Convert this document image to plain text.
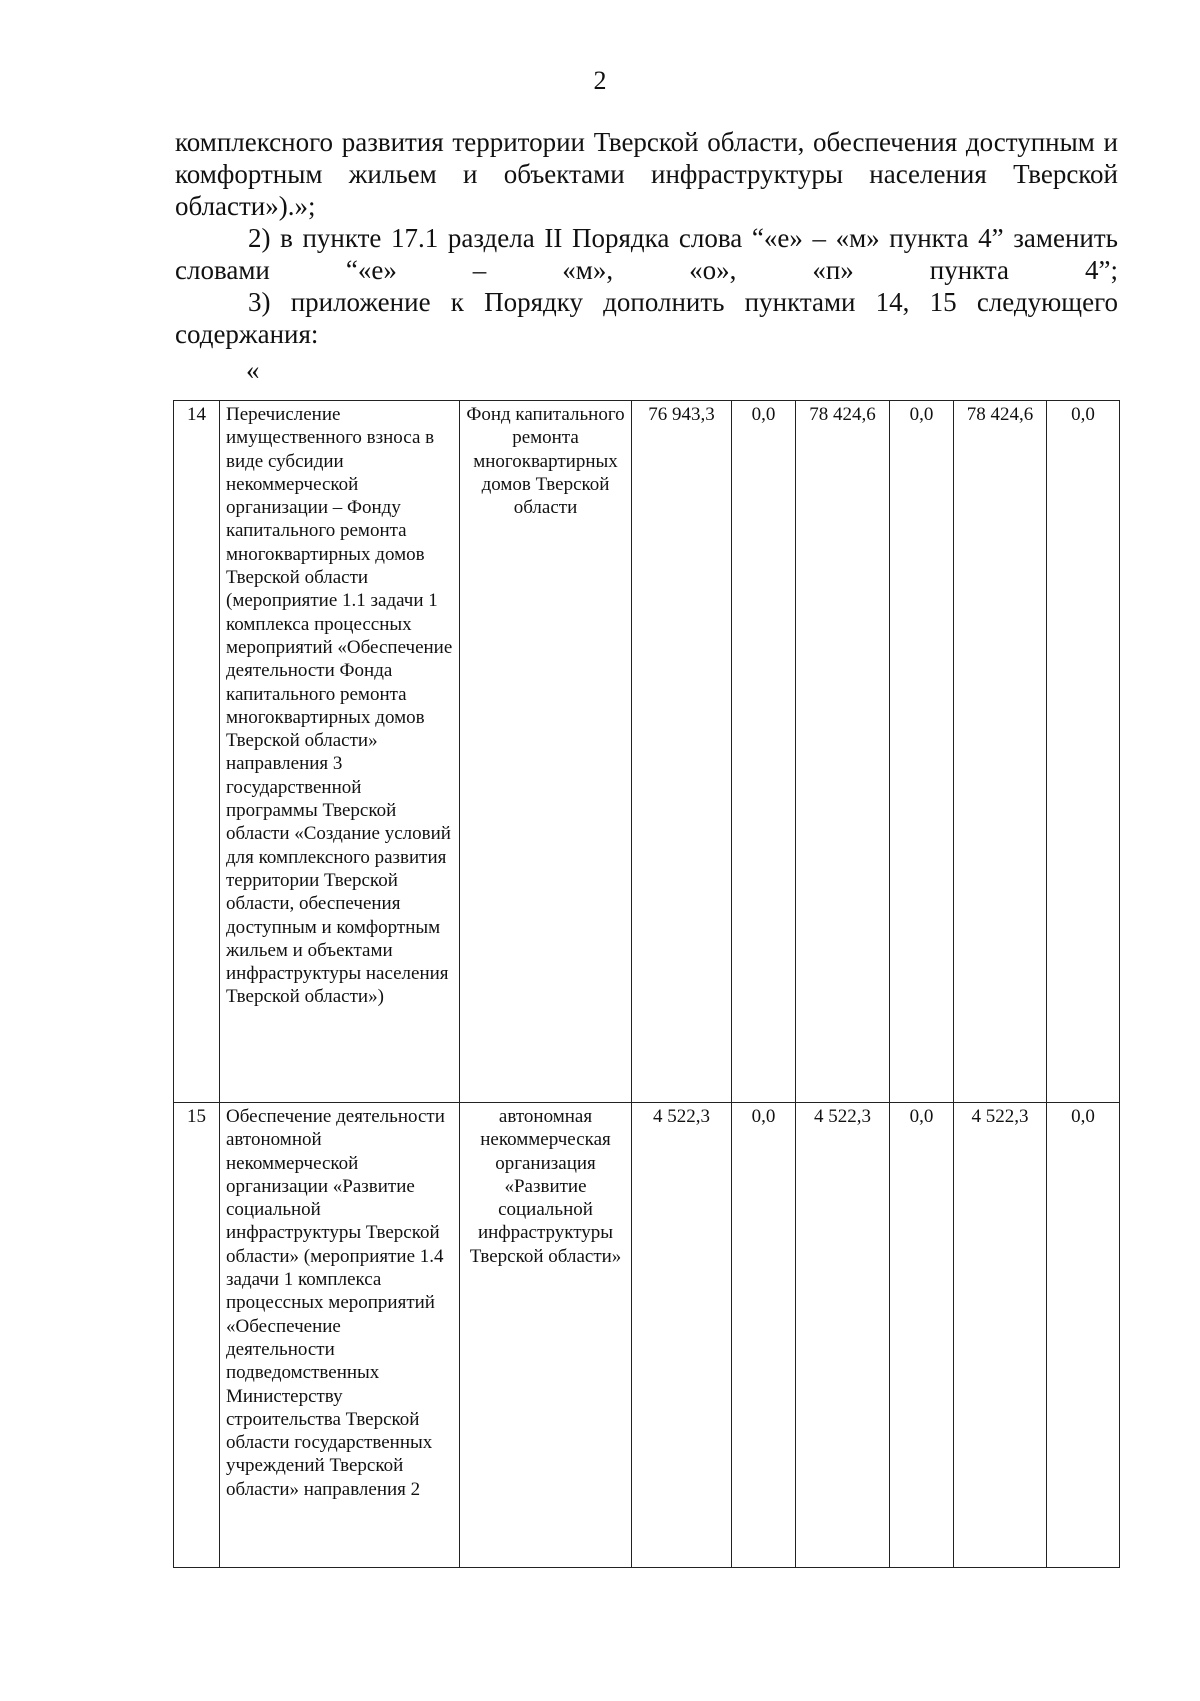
2

комплексного развития территории Тверской области, обеспечения доступным и комфортным жильем и объектами инфраструктуры населения Тверской области»).»;

2) в пункте 17.1 раздела II Порядка слова “«е» – «м» пункта 4” заменить словами “«е» – «м», «о», «п» пункта 4”;

3) приложение к Порядку дополнить пунктами 14, 15 следующего содержания:

«
14	Перечисление имущественного взноса в виде субсидии некоммерческой организации – Фонду капитального ремонта многоквартирных домов Тверской области (мероприятие 1.1 задачи 1 комплекса процессных мероприятий «Обеспечение деятельности Фонда капитального ремонта многоквартирных домов Тверской области» направления 3 государственной программы Тверской области «Создание условий для комплексного развития территории Тверской области, обеспечения доступным и комфортным жильем и объектами инфраструктуры населения Тверской области»)	Фонд капитального ремонта многоквартирных домов Тверской области	76 943,3	0,0	78 424,6	0,0	78 424,6	0,0
15	Обеспечение деятельности автономной некоммерческой организации «Развитие социальной инфраструктуры Тверской области» (мероприятие 1.4 задачи 1 комплекса процессных мероприятий «Обеспечение деятельности подведомственных Министерству строительства Тверской области государственных учреждений Тверской области» направления 2	автономная некоммерческая организация «Развитие социальной инфраструктуры Тверской области»	4 522,3	0,0	4 522,3	0,0	4 522,3	0,0
